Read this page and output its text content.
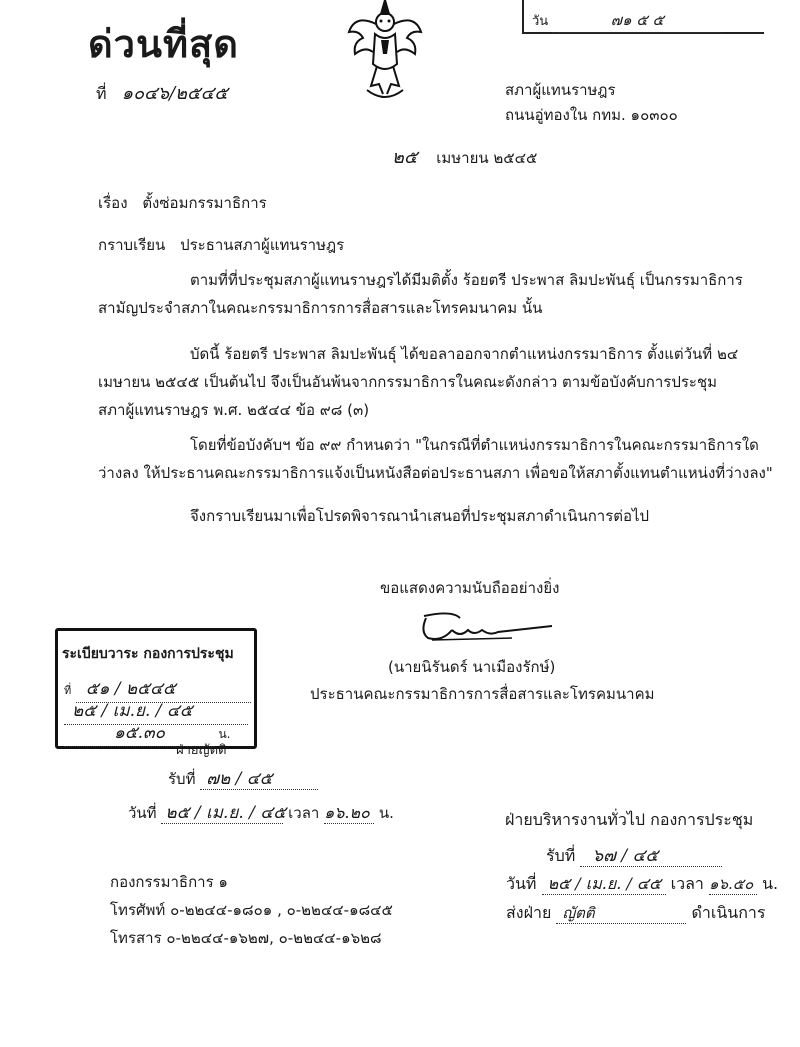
ด่วนที่สุด
ที่ ๑๐๔๖/๒๕๔๕
วัน	๗๑ ๕ ๕
สภาผู้แทนราษฎร
ถนนอู่ทองใน กทม. ๑๐๓๐๐
๒๕ เมษายน ๒๕๔๕
เรื่อง ตั้งซ่อมกรรมาธิการ
กราบเรียน ประธานสภาผู้แทนราษฎร
ตามที่ที่ประชุมสภาผู้แทนราษฎรได้มีมติตั้ง ร้อยตรี ประพาส ลิมปะพันธุ์ เป็นกรรมาธิการ
สามัญประจำสภาในคณะกรรมาธิการการสื่อสารและโทรคมนาคม นั้น
บัดนี้ ร้อยตรี ประพาส ลิมปะพันธุ์ ได้ขอลาออกจากตำแหน่งกรรมาธิการ ตั้งแต่วันที่ ๒๔
เมษายน ๒๕๔๕ เป็นต้นไป จึงเป็นอันพ้นจากกรรมาธิการในคณะดังกล่าว ตามข้อบังคับการประชุม
สภาผู้แทนราษฎร พ.ศ. ๒๕๔๔ ข้อ ๙๘ (๓)
โดยที่ข้อบังคับฯ ข้อ ๙๙ กำหนดว่า "ในกรณีที่ตำแหน่งกรรมาธิการในคณะกรรมาธิการใด
ว่างลง ให้ประธานคณะกรรมาธิการแจ้งเป็นหนังสือต่อประธานสภา เพื่อขอให้สภาตั้งแทนตำแหน่งที่ว่างลง"
จึงกราบเรียนมาเพื่อโปรดพิจารณานำเสนอที่ประชุมสภาดำเนินการต่อไป
ขอแสดงความนับถืออย่างยิ่ง
(นายนิรันดร์ นาเมืองรักษ์)
ประธานคณะกรรมาธิการการสื่อสารและโทรคมนาคม
ระเบียบวาระ กองการประชุม
ที่ ๕๑ / ๒๕๔๕
๒๕ / เม.ย. / ๔๕
๑๕.๓๐	น.
ฝ่ายญัตติ
รับที่ ๗๒ / ๔๕
วันที่ ๒๕ / เม.ย. / ๔๕ เวลา ๑๖.๒๐ น.	ฝ่ายบริหารงานทั่วไป กองการประชุม
รับที่ ๖๗ / ๔๕
วันที่ ๒๕ / เม.ย. / ๔๕ เวลา ๑๖.๕๐ น.
ส่งฝ่าย ญัตติ	ดำเนินการ
กองกรรมาธิการ ๑
โทรศัพท์ ๐-๒๒๔๔-๑๘๐๑ , ๐-๒๒๔๔-๑๘๔๕
โทรสาร ๐-๒๒๔๔-๑๖๒๗, ๐-๒๒๔๔-๑๖๒๘
